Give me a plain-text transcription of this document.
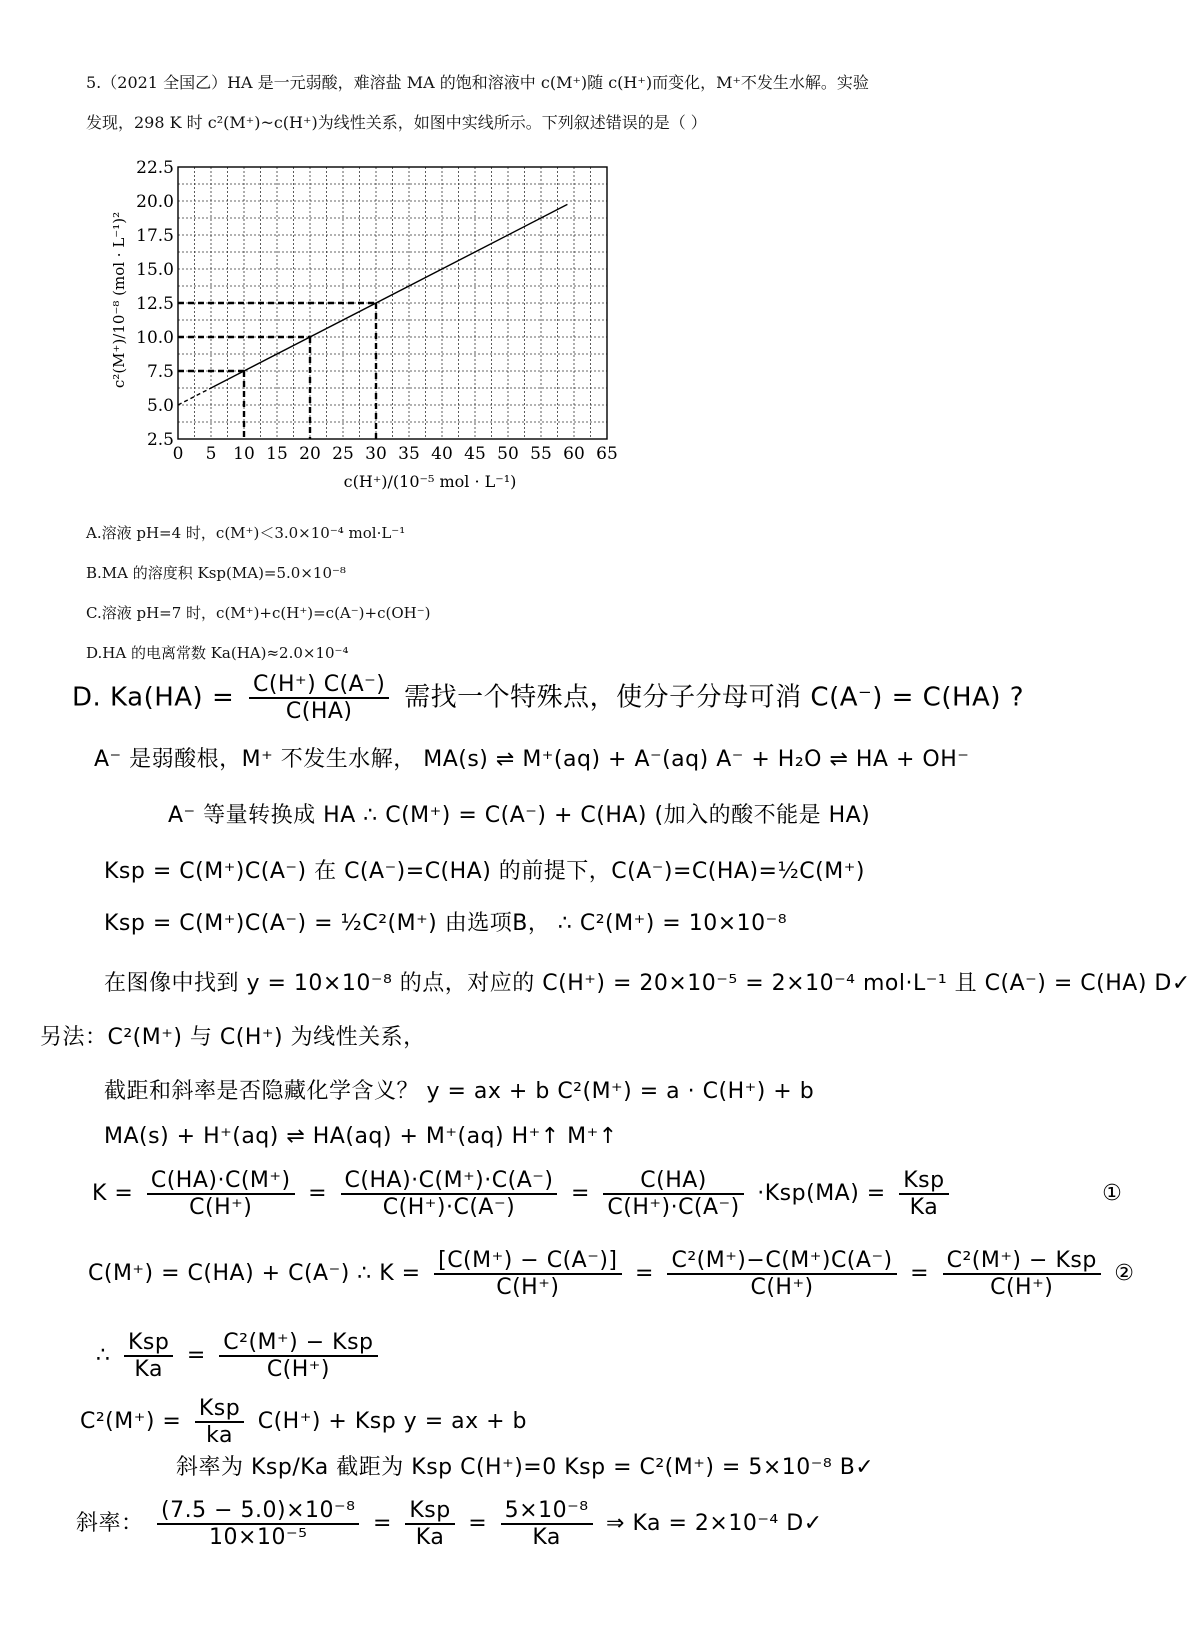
5.（2021 全国乙）HA 是一元弱酸，难溶盐 MA 的饱和溶液中 c(M⁺)随 c(H⁺)而变化，M⁺不发生水解。实验
发现，298 K 时 c²(M⁺)~c(H⁺)为线性关系，如图中实线所示。下列叙述错误的是（ ）
0 5 10 15 20 25 30 35 40 45 50 55 60 65
2.5
5.0
7.5
10.0
12.5
15.0
17.5
20.0
22.5
c(H⁺)/(10⁻⁵ mol · L⁻¹)
c²(M⁺)/10⁻⁸ (mol · L⁻¹)²
A.溶液 pH=4 时，c(M⁺)＜3.0×10⁻⁴ mol·L⁻¹
B.MA 的溶度积 Ksp(MA)=5.0×10⁻⁸
C.溶液 pH=7 时，c(M⁺)+c(H⁺)=c(A⁻)+c(OH⁻)
D.HA 的电离常数 Ka(HA)≈2.0×10⁻⁴
D. $Ka(HA) = \frac{C(H^+) C(A^-)}{C(HA)}$ 需找一个特殊点，使分子分母可消 C(A⁻) = C(HA) ?
A⁻ 是弱酸根，M⁺ 不发生水解， MA(s) ⇌ M⁺(aq) + A⁻(aq) A⁻ + H₂O ⇌ HA + OH⁻
A⁻ 等量转换成 HA ∴ C(M⁺) = C(A⁻) + C(HA) (加入的酸不能是 HA)
Ksp = C(M⁺)C(A⁻) 在 C(A⁻)=C(HA) 的前提下，C(A⁻)=C(HA)=½C(M⁺)
Ksp = C(M⁺)C(A⁻) = ½C²(M⁺) 由选项B， ∴ C²(M⁺) = 10×10⁻⁸
在图像中找到 y = 10×10⁻⁸ 的点，对应的 C(H⁺) = 20×10⁻⁵ = 2×10⁻⁴ mol·L⁻¹ 且 C(A⁻) = C(HA) D✓
另法：C²(M⁺) 与 C(H⁺) 为线性关系，
截距和斜率是否隐藏化学含义？ y = ax + b C²(M⁺) = a · C(H⁺) + b
MA(s) + H⁺(aq) ⇌ HA(aq) + M⁺(aq) H⁺↑ M⁺↑
$K = \frac{C(HA)\cdot C(M^+)}{C(H^+)} = \frac{C(HA)\cdot C(M^+)\cdot C(A^-)}{C(H^+)\cdot C(A^-)} = \frac{C(HA)}{C(H^+)\cdot C(A^-)} \cdot Ksp(MA) = \frac{\text{Ksp}}{Ka}$	①
C(M⁺) = C(HA) + C(A⁻) ∴ $K = \frac{[C(M^+) - C(A^-)]}{C(H^+)} = \frac{\text{C²(M⁺)−C(M⁺)C(A⁻)}}{C(H^+)} = \frac{\text{C²(M⁺) − Ksp}}{C(H^+)}$ ②
∴ $\frac{\text{Ksp}}{Ka} = \frac{\text{C²(M⁺) − Ksp}}{C(H^+)}$
$C^2(M^+) = \frac{\text{Ksp}}{ka} C(H^+)$ + Ksp y = ax + b
斜率为 Ksp/Ka 截距为 Ksp C(H⁺)=0 Ksp = C²(M⁺) = 5×10⁻⁸ B✓
斜率： $\frac{\text{(7.5 − 5.0)×10⁻⁸}}{\text{10×10⁻⁵}} = \frac{\text{Ksp}}{Ka} = \frac{\text{5×10⁻⁸}}{Ka}$ ⇒ Ka = 2×10⁻⁴ D✓
